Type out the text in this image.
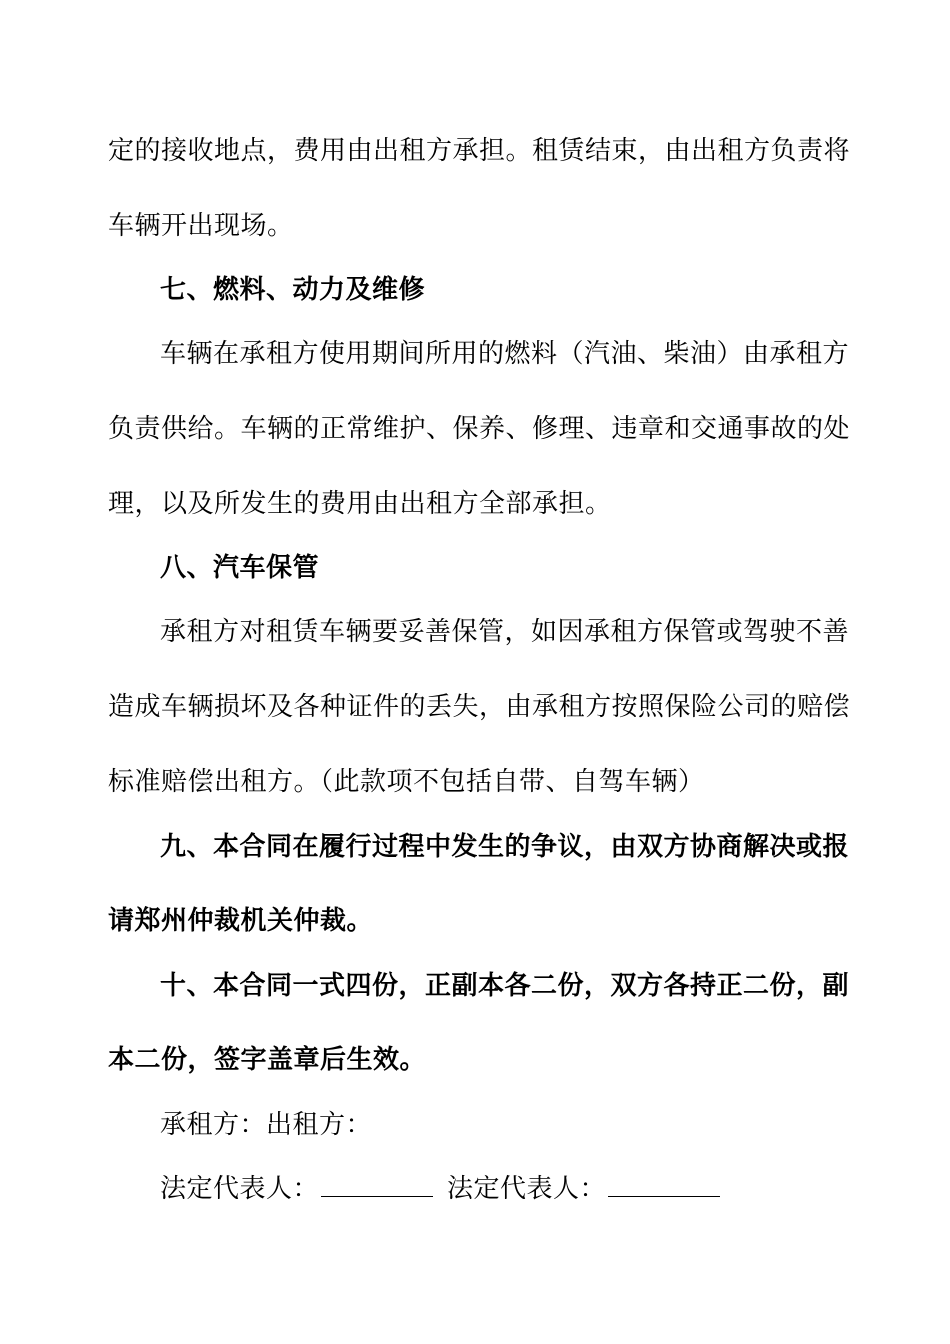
定的接收地点，费用由出租方承担。租赁结束，由出租方负责将
车辆开出现场。
七、燃料、动力及维修
车辆在承租方使用期间所用的燃料（汽油、柴油）由承租方
负责供给。车辆的正常维护、保养、修理、违章和交通事故的处
理，以及所发生的费用由出租方全部承担。
八、汽车保管
承租方对租赁车辆要妥善保管，如因承租方保管或驾驶不善
造成车辆损坏及各种证件的丢失，由承租方按照保险公司的赔偿
标准赔偿出租方。（此款项不包括自带、自驾车辆）
九、本合同在履行过程中发生的争议，由双方协商解决或报
请郑州仲裁机关仲裁。
十、本合同一式四份，正副本各二份，双方各持正二份，副
本二份，签字盖章后生效。
承租方：出租方：
法定代表人：	法定代表人：
